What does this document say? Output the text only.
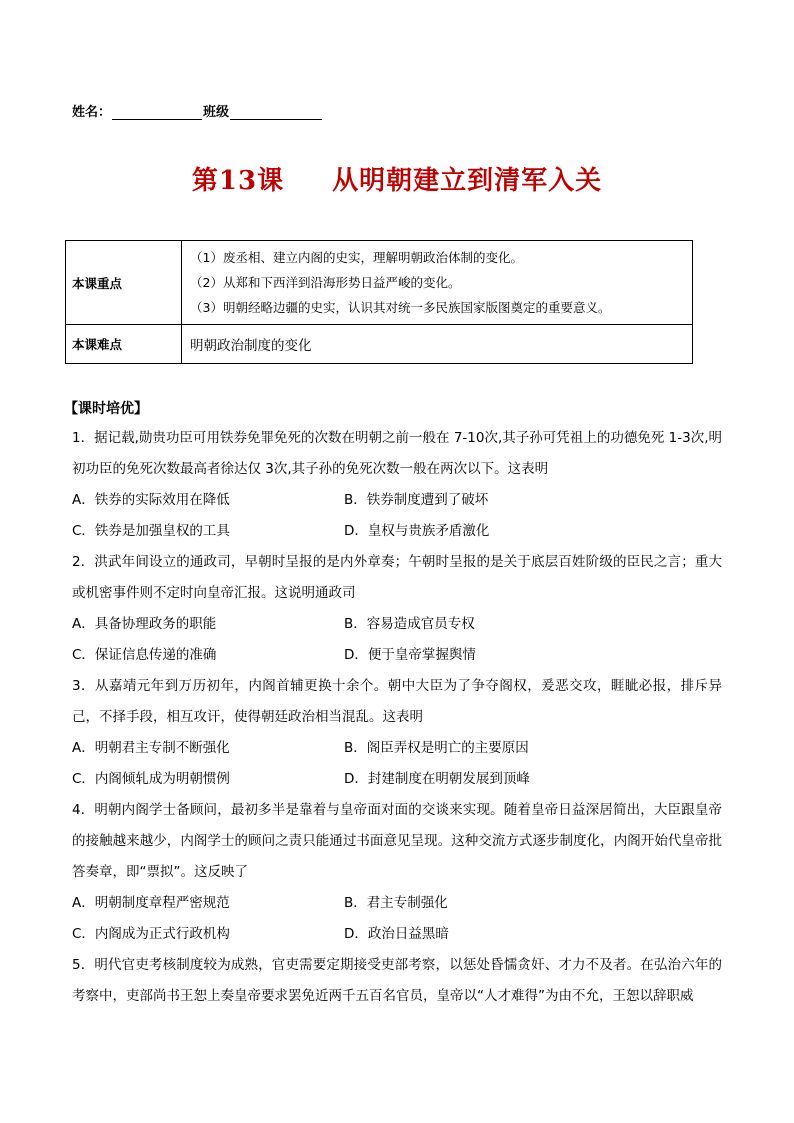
姓名：	班级
第13课 从明朝建立到清军入关
本课重点	（1）废丞相、建立内阁的史实，理解明朝政治体制的变化。
（2）从郑和下西洋到沿海形势日益严峻的变化。
（3）明朝经略边疆的史实，认识其对统一多民族国家版图奠定的重要意义。

本课难点	明朝政治制度的变化
【课时培优】
1．据记载,勋贵功臣可用铁券免罪免死的次数在明朝之前一般在 7-10次,其子孙可凭祖上的功德免死 1-3次,明初功臣的免死次数最高者徐达仅 3次,其子孙的免死次数一般在两次以下。这表明
A．铁券的实际效用在降低	B．铁券制度遭到了破坏
C．铁券是加强皇权的工具	D．皇权与贵族矛盾激化
2．洪武年间设立的通政司，早朝时呈报的是内外章奏；午朝时呈报的是关于底层百姓阶级的臣民之言；重大或机密事件则不定时向皇帝汇报。这说明通政司
A．具备协理政务的职能	B．容易造成官员专权
C．保证信息传递的准确	D．便于皇帝掌握舆情
3．从嘉靖元年到万历初年，内阁首辅更换十余个。朝中大臣为了争夺阁权，爰恶交攻，睚眦必报，排斥异己，不择手段，相互攻讦，使得朝廷政治相当混乱。这表明
A．明朝君主专制不断强化	B．阁臣弄权是明亡的主要原因
C．内阁倾轧成为明朝惯例	D．封建制度在明朝发展到顶峰
4．明朝内阁学士备顾问，最初多半是靠着与皇帝面对面的交谈来实现。随着皇帝日益深居简出，大臣跟皇帝的接触越来越少，内阁学士的顾问之责只能通过书面意见呈现。这种交流方式逐步制度化，内阁开始代皇帝批答奏章，即“票拟”。这反映了
A．明朝制度章程严密规范	B．君主专制强化
C．内阁成为正式行政机构	D．政治日益黑暗
5．明代官吏考核制度较为成熟，官吏需要定期接受吏部考察，以惩处昏懦贪奸、才力不及者。在弘治六年的考察中，吏部尚书王恕上奏皇帝要求罢免近两千五百名官员，皇帝以“人才难得”为由不允，王恕以辞职威
